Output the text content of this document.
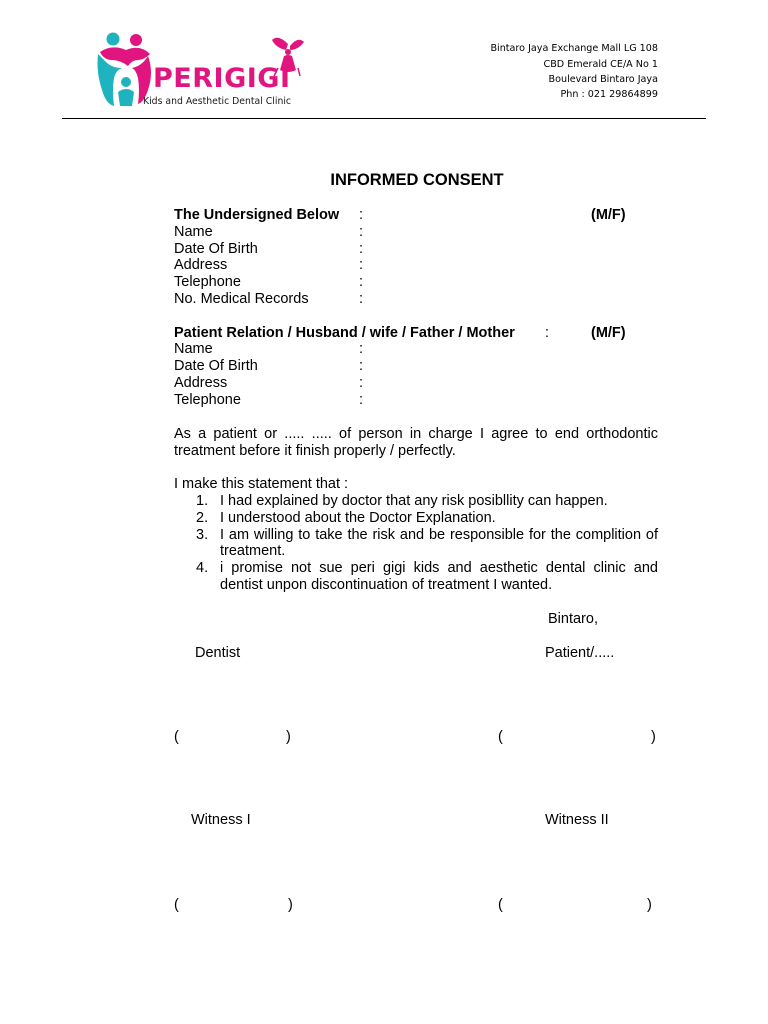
PERIGIGI
Kids and Aesthetic Dental Clinic
Bintaro Jaya Exchange Mall LG 108
CBD Emerald CE/A No 1
Boulevard Bintaro Jaya
Phn : 021 29864899
INFORMED CONSENT
The Undersigned Below :	(M/F)
Name	:
Date Of Birth	:
Address	:
Telephone	:
No. Medical Records	:
Patient Relation / Husband / wife / Father / Mother :	(M/F)
Name	:
Date Of Birth	:
Address	:
Telephone	:
As a patient or ..... ..... of person in charge I agree to end orthodontic treatment before it finish properly / perfectly.
I make this statement that :
1. I had explained by doctor that any risk posibllity can happen.
2. I understood about the Doctor Explanation.
3. I am willing to take the risk and be responsible for the complition of treatment.
4. i promise not sue peri gigi kids and aesthetic dental clinic and dentist unpon discontinuation of treatment I wanted.
Bintaro,
Dentist	Patient/.....
(	)	(	)
Witness I	Witness II
(	)	(	)
